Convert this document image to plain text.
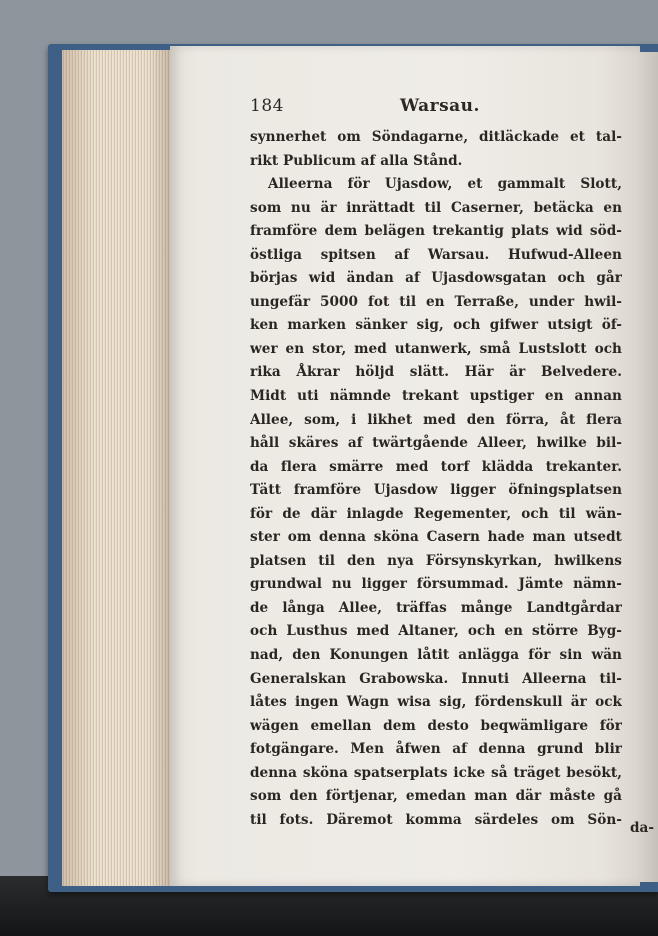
184	Warsau.
synnerhet om Söndagarne, ditläckade et tal-
rikt Publicum af alla Stånd.
Alleerna för Ujasdow, et gammalt Slott,
som nu är inrättadt til Caserner, betäcka en
framföre dem belägen trekantig plats wid söd-
östliga spitsen af Warsau. Hufwud-Alleen
börjas wid ändan af Ujasdowsgatan och går
ungefär 5000 fot til en Terraße, under hwil-
ken marken sänker sig, och gifwer utsigt öf-
wer en stor, med utanwerk, små Lustslott och
rika Åkrar höljd slätt. Här är Belvedere.
Midt uti nämnde trekant upstiger en annan
Allee, som, i likhet med den förra, åt flera
håll skäres af twärtgående Alleer, hwilke bil-
da flera smärre med torf klädda trekanter.
Tätt framföre Ujasdow ligger öfningsplatsen
för de där inlagde Regementer, och til wän-
ster om denna sköna Casern hade man utsedt
platsen til den nya Försynskyrkan, hwilkens
grundwal nu ligger försummad. Jämte nämn-
de långa Allee, träffas månge Landtgårdar
och Lusthus med Altaner, och en större Byg-
nad, den Konungen låtit anlägga för sin wän
Generalskan Grabowska. Innuti Alleerna til-
låtes ingen Wagn wisa sig, fördenskull är ock
wägen emellan dem desto beqwämligare för
fotgängare. Men åfwen af denna grund blir
denna sköna spatserplats icke så träget besökt,
som den förtjenar, emedan man där måste gå
til fots. Däremot komma särdeles om Sön-
da-
